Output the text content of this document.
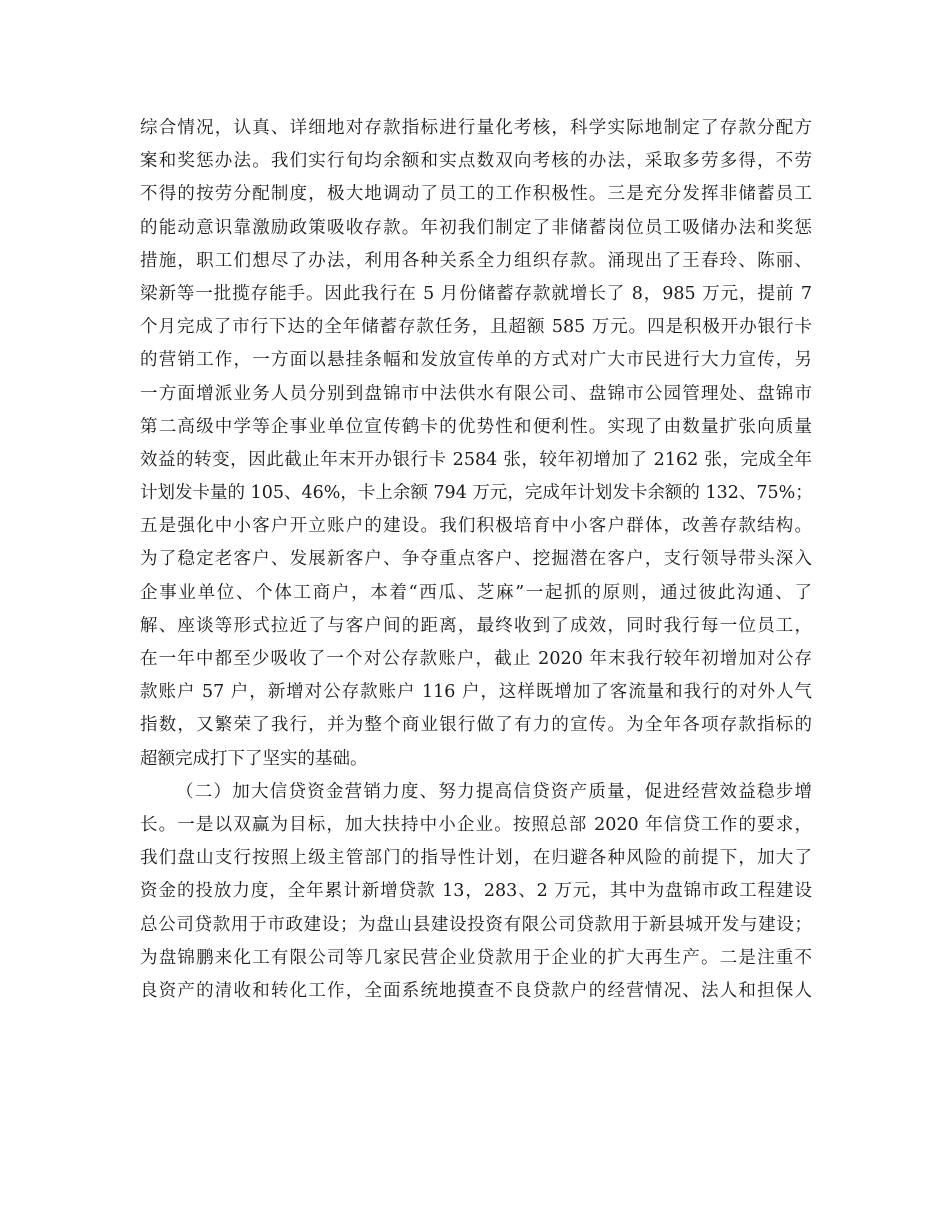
综合情况，认真、详细地对存款指标进行量化考核，科学实际地制定了存款分配方
案和奖惩办法。我们实行旬均余额和实点数双向考核的办法，采取多劳多得，不劳
不得的按劳分配制度，极大地调动了员工的工作积极性。三是充分发挥非储蓄员工
的能动意识靠激励政策吸收存款。年初我们制定了非储蓄岗位员工吸储办法和奖惩
措施，职工们想尽了办法，利用各种关系全力组织存款。涌现出了王春玲、陈丽、
梁新等一批揽存能手。因此我行在 5 月份储蓄存款就增长了 8，985 万元，提前 7
个月完成了市行下达的全年储蓄存款任务，且超额 585 万元。四是积极开办银行卡
的营销工作，一方面以悬挂条幅和发放宣传单的方式对广大市民进行大力宣传，另
一方面增派业务人员分别到盘锦市中法供水有限公司、盘锦市公园管理处、盘锦市
第二高级中学等企事业单位宣传鹤卡的优势性和便利性。实现了由数量扩张向质量
效益的转变，因此截止年末开办银行卡 2584 张，较年初增加了 2162 张，完成全年
计划发卡量的 105、46%，卡上余额 794 万元，完成年计划发卡余额的 132、75%；
五是强化中小客户开立账户的建设。我们积极培育中小客户群体，改善存款结构。
为了稳定老客户、发展新客户、争夺重点客户、挖掘潜在客户，支行领导带头深入
企事业单位、个体工商户，本着“西瓜、芝麻”一起抓的原则，通过彼此沟通、了
解、座谈等形式拉近了与客户间的距离，最终收到了成效，同时我行每一位员工，
在一年中都至少吸收了一个对公存款账户，截止 2020 年末我行较年初增加对公存
款账户 57 户，新增对公存款账户 116 户，这样既增加了客流量和我行的对外人气
指数，又繁荣了我行，并为整个商业银行做了有力的宣传。为全年各项存款指标的
超额完成打下了坚实的基础。
（二）加大信贷资金营销力度、努力提高信贷资产质量，促进经营效益稳步增
长。一是以双赢为目标，加大扶持中小企业。按照总部 2020 年信贷工作的要求，
我们盘山支行按照上级主管部门的指导性计划，在归避各种风险的前提下，加大了
资金的投放力度，全年累计新增贷款 13，283、2 万元，其中为盘锦市政工程建设
总公司贷款用于市政建设；为盘山县建设投资有限公司贷款用于新县城开发与建设；
为盘锦鹏来化工有限公司等几家民营企业贷款用于企业的扩大再生产。二是注重不
良资产的清收和转化工作，全面系统地摸查不良贷款户的经营情况、法人和担保人
